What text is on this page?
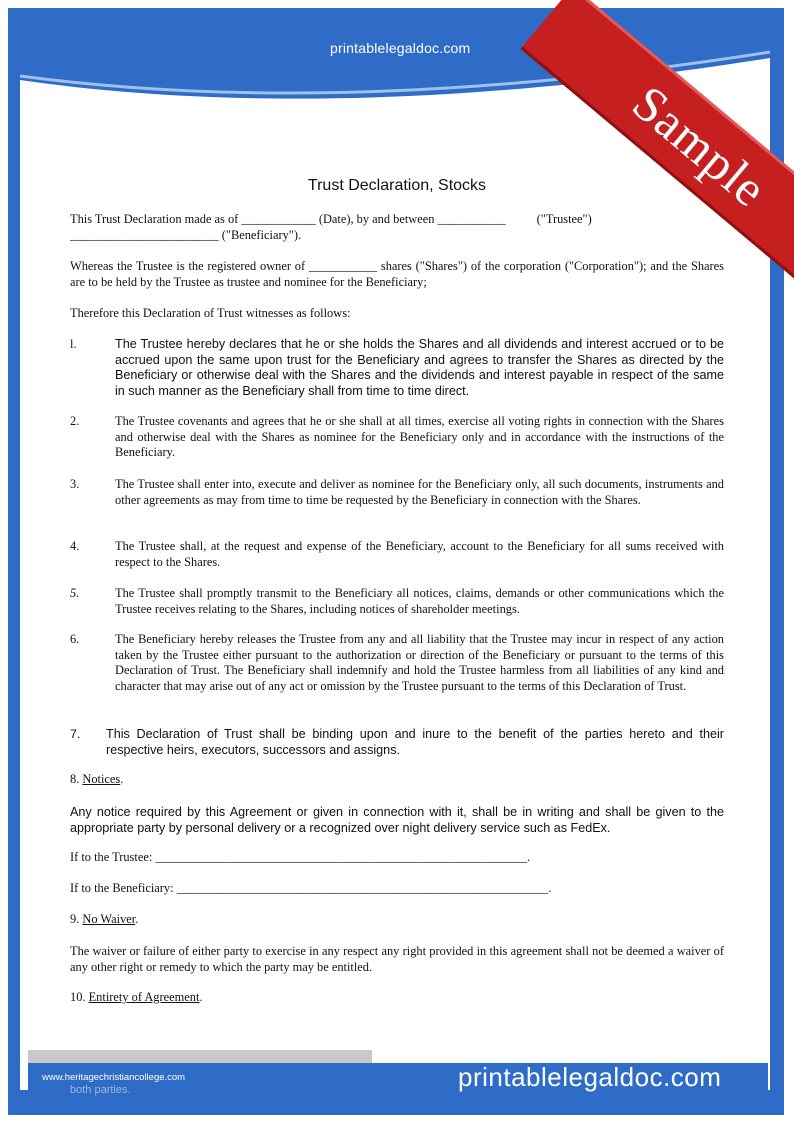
printablelegaldoc.com
Sample
Trust Declaration, Stocks
This Trust Declaration made as of ____________ (Date), by and between ___________          ("Trustee")
________________________ ("Beneficiary").
Whereas the Trustee is the registered owner of ___________ shares ("Shares") of the corporation ("Corporation"); and the Shares are to be held by the Trustee as trustee and nominee for the Beneficiary;
Therefore this Declaration of Trust witnesses as follows:
l.	The Trustee hereby declares that he or she holds the Shares and all dividends and interest accrued or to be accrued upon the same upon trust for the Beneficiary and agrees to transfer the Shares as directed by the Beneficiary or otherwise deal with the Shares and the dividends and interest payable in respect of the same in such manner as the Beneficiary shall from time to time direct.
2.	The Trustee covenants and agrees that he or she shall at all times, exercise all voting rights in connection with the Shares and otherwise deal with the Shares as nominee for the Beneficiary only and in accordance with the instructions of the Beneficiary.
3.	The Trustee shall enter into, execute and deliver as nominee for the Beneficiary only, all such documents, instruments and other agreements as may from time to time be requested by the Beneficiary in connection with the Shares.
4.	The Trustee shall, at the request and expense of the Beneficiary, account to the Beneficiary for all sums received with respect to the Shares.
5.	The Trustee shall promptly transmit to the Beneficiary all notices, claims, demands or other communications which the Trustee receives relating to the Shares, including notices of shareholder meetings.
6.	The Beneficiary hereby releases the Trustee from any and all liability that the Trustee may incur in respect of any action taken by the Trustee either pursuant to the authorization or direction of the Beneficiary or pursuant to the terms of this Declaration of Trust. The Beneficiary shall indemnify and hold the Trustee harmless from all liabilities of any kind and character that may arise out of any act or omission by the Trustee pursuant to the terms of this Declaration of Trust.
7. This Declaration of Trust shall be binding upon and inure to the benefit of the parties hereto and their respective heirs, executors, successors and assigns.
8. Notices.
Any notice required by this Agreement or given in connection with it, shall be in writing and shall be given to the appropriate party by personal delivery or a recognized over night delivery service such as FedEx.
If to the Trustee: ____________________________________________________________.
If to the Beneficiary: ____________________________________________________________.
9. No Waiver.
The waiver or failure of either party to exercise in any respect any right provided in this agreement shall not be deemed a waiver of any other right or remedy to which the party may be entitled.
10. Entirety of Agreement.
www.heritagechristiancollege.com	printablelegaldoc.com
both parties.
